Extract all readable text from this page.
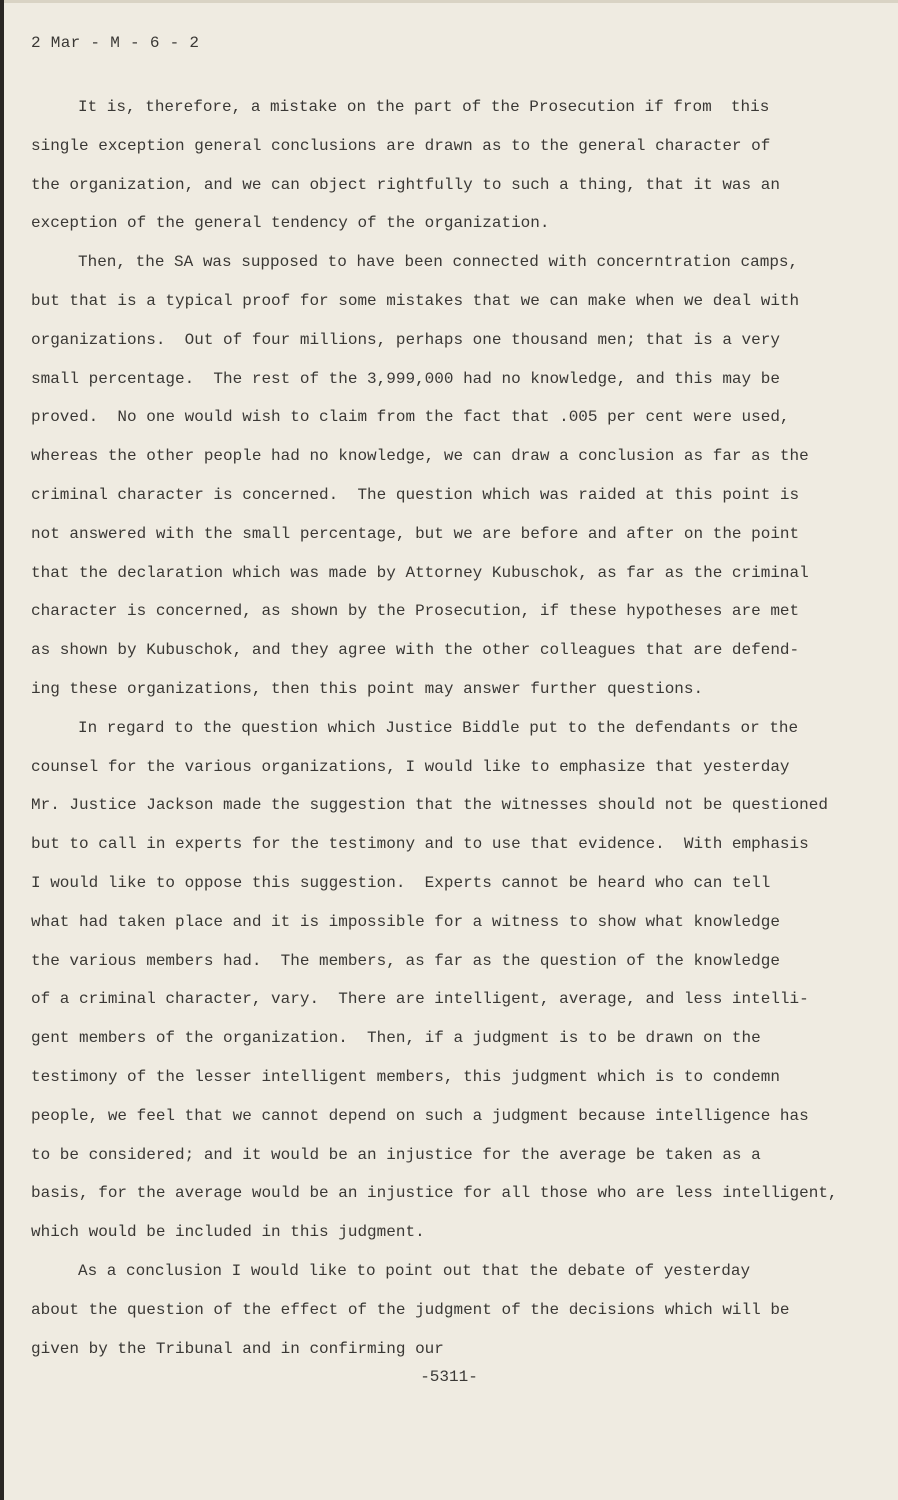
2 Mar - M - 6 - 2
It is, therefore, a mistake on the part of the Prosecution if from  this
single exception general conclusions are drawn as to the general character of
the organization, and we can object rightfully to such a thing, that it was an
exception of the general tendency of the organization.
Then, the SA was supposed to have been connected with concerntration camps,
but that is a typical proof for some mistakes that we can make when we deal with
organizations.  Out of four millions, perhaps one thousand men; that is a very
small percentage.  The rest of the 3,999,000 had no knowledge, and this may be
proved.  No one would wish to claim from the fact that .005 per cent were used,
whereas the other people had no knowledge, we can draw a conclusion as far as the
criminal character is concerned.  The question which was raided at this point is
not answered with the small percentage, but we are before and after on the point
that the declaration which was made by Attorney Kubuschok, as far as the criminal
character is concerned, as shown by the Prosecution, if these hypotheses are met
as shown by Kubuschok, and they agree with the other colleagues that are defend-
ing these organizations, then this point may answer further questions.
In regard to the question which Justice Biddle put to the defendants or the
counsel for the various organizations, I would like to emphasize that yesterday
Mr. Justice Jackson made the suggestion that the witnesses should not be questioned
but to call in experts for the testimony and to use that evidence.  With emphasis
I would like to oppose this suggestion.  Experts cannot be heard who can tell
what had taken place and it is impossible for a witness to show what knowledge
the various members had.  The members, as far as the question of the knowledge
of a criminal character, vary.  There are intelligent, average, and less intelli-
gent members of the organization.  Then, if a judgment is to be drawn on the
testimony of the lesser intelligent members, this judgment which is to condemn
people, we feel that we cannot depend on such a judgment because intelligence has
to be considered; and it would be an injustice for the average be taken as a
basis, for the average would be an injustice for all those who are less intelligent,
which would be included in this judgment.
As a conclusion I would like to point out that the debate of yesterday
about the question of the effect of the judgment of the decisions which will be
given by the Tribunal and in confirming our
-5311-
